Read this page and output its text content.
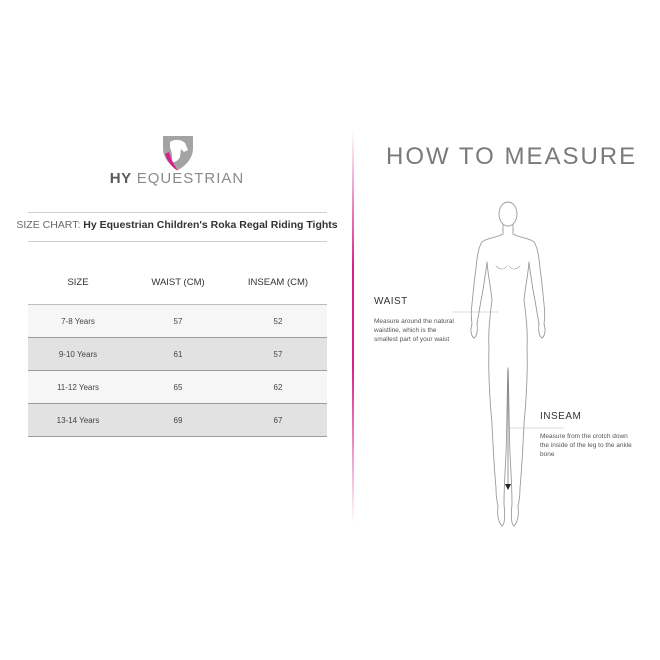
HY EQUESTRIAN
SIZE CHART: Hy Equestrian Children's Roka Regal Riding Tights
SIZE	WAIST (CM)	INSEAM (CM)
7-8 Years	57	52
9-10 Years	61	57
11-12 Years	65	62
13-14 Years	69	67
HOW TO MEASURE
WAIST
Measure around the natural waistline, which is the smallest part of your waist
INSEAM
Measure from the crotch down the inside of the leg to the ankle bone
